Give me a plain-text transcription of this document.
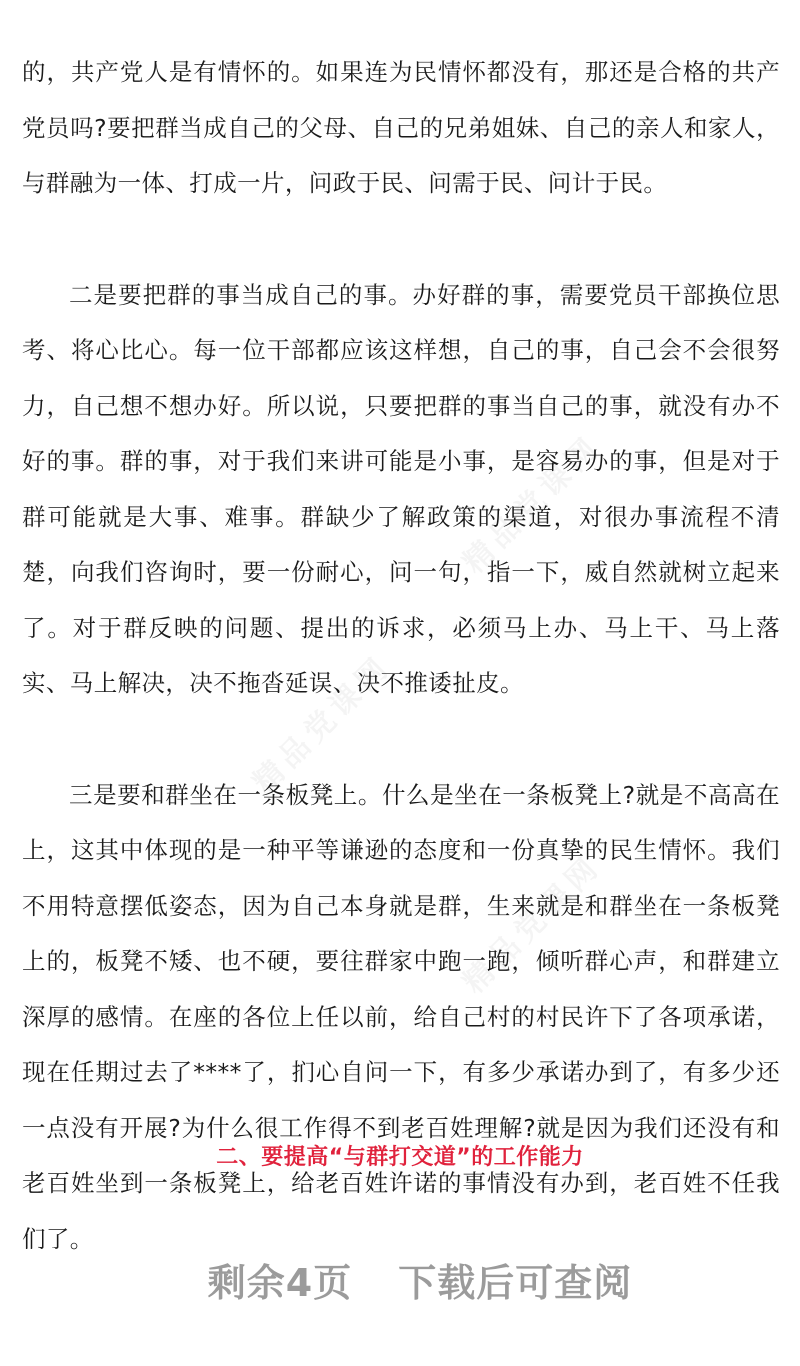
的，共产党人是有情怀的。如果连为民情怀都没有，那还是合格的共产党员吗?要把群当成自己的父母、自己的兄弟姐妹、自己的亲人和家人，与群融为一体、打成一片，问政于民、问需于民、问计于民。

二是要把群的事当成自己的事。办好群的事，需要党员干部换位思考、将心比心。每一位干部都应该这样想，自己的事，自己会不会很努力，自己想不想办好。所以说，只要把群的事当自己的事，就没有办不好的事。群的事，对于我们来讲可能是小事，是容易办的事，但是对于群可能就是大事、难事。群缺少了解政策的渠道，对很办事流程不清楚，向我们咨询时，要一份耐心，问一句，指一下，威自然就树立起来了。对于群反映的问题、提出的诉求，必须马上办、马上干、马上落实、马上解决，决不拖沓延误、决不推诿扯皮。

三是要和群坐在一条板凳上。什么是坐在一条板凳上?就是不高高在上，这其中体现的是一种平等谦逊的态度和一份真挚的民生情怀。我们不用特意摆低姿态，因为自己本身就是群，生来就是和群坐在一条板凳上的，板凳不矮、也不硬，要往群家中跑一跑，倾听群心声，和群建立深厚的感情。在座的各位上任以前，给自己村的村民许下了各项承诺，现在任期过去了****了，扪心自问一下，有多少承诺办到了，有多少还一点没有开展?为什么很工作得不到老百姓理解?就是因为我们还没有和老百姓坐到一条板凳上，给老百姓许诺的事情没有办到，老百姓不任我们了。

二、要提高“与群打交道”的工作能力
剩余4页 下载后可查阅
